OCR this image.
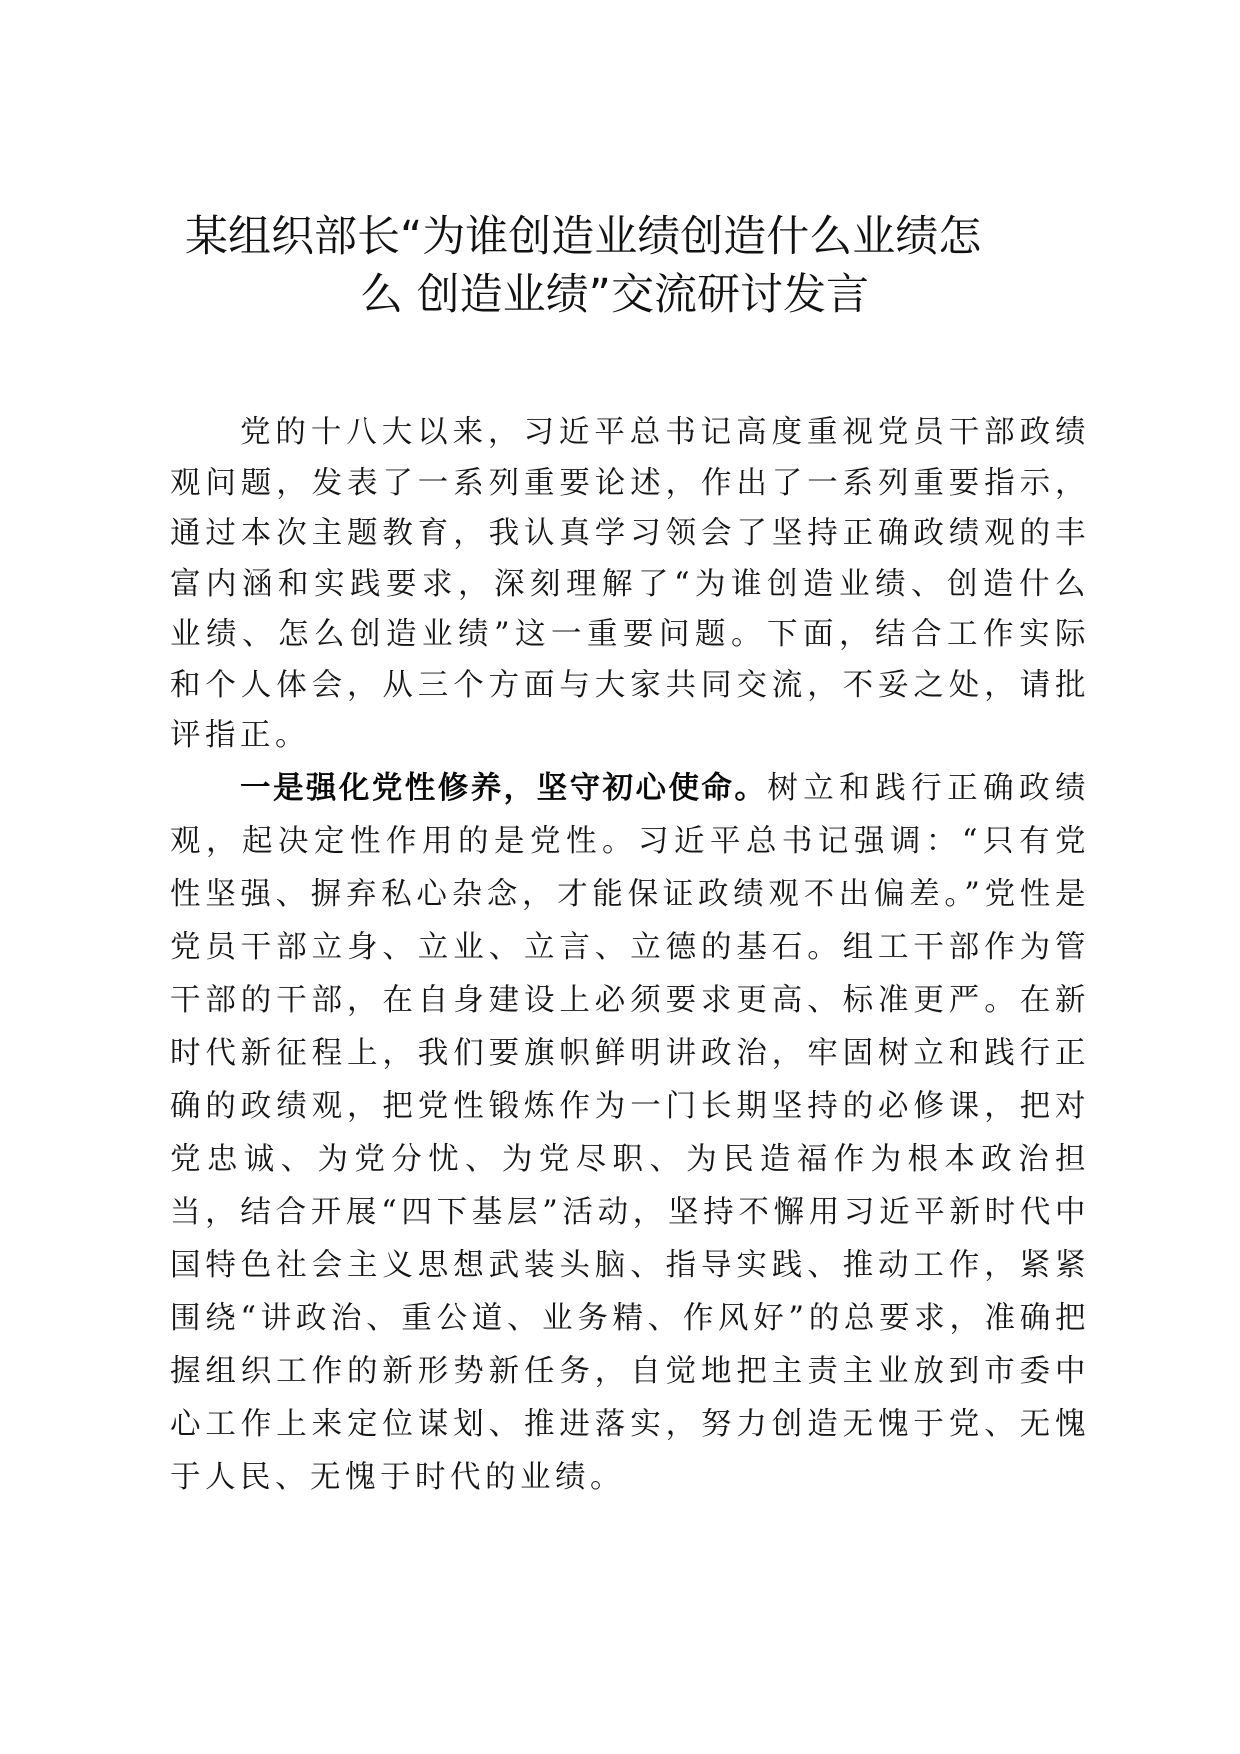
某组织部长“为谁创造业绩创造什么业绩怎
么 创造业绩”交流研讨发言

党的十八大以来，习近平总书记高度重视党员干部政绩观问题，发表了一系列重要论述，作出了一系列重要指示，通过本次主题教育，我认真学习领会了坚持正确政绩观的丰富内涵和实践要求，深刻理解了“为谁创造业绩、创造什么业绩、怎么创造业绩”这一重要问题。下面，结合工作实际和个人体会，从三个方面与大家共同交流，不妥之处，请批评指正。

一是强化党性修养，坚守初心使命。树立和践行正确政绩观，起决定性作用的是党性。习近平总书记强调：“只有党性坚强、摒弃私心杂念，才能保证政绩观不出偏差。”党性是党员干部立身、立业、立言、立德的基石。组工干部作为管干部的干部，在自身建设上必须要求更高、标准更严。在新时代新征程上，我们要旗帜鲜明讲政治，牢固树立和践行正确的政绩观，把党性锻炼作为一门长期坚持的必修课，把对党忠诚、为党分忧、为党尽职、为民造福作为根本政治担当，结合开展“四下基层”活动，坚持不懈用习近平新时代中国特色社会主义思想武装头脑、指导实践、推动工作，紧紧围绕“讲政治、重公道、业务精、作风好”的总要求，准确把握组织工作的新形势新任务，自觉地把主责主业放到市委中心工作上来定位谋划、推进落实，努力创造无愧于党、无愧于人民、无愧于时代的业绩。
